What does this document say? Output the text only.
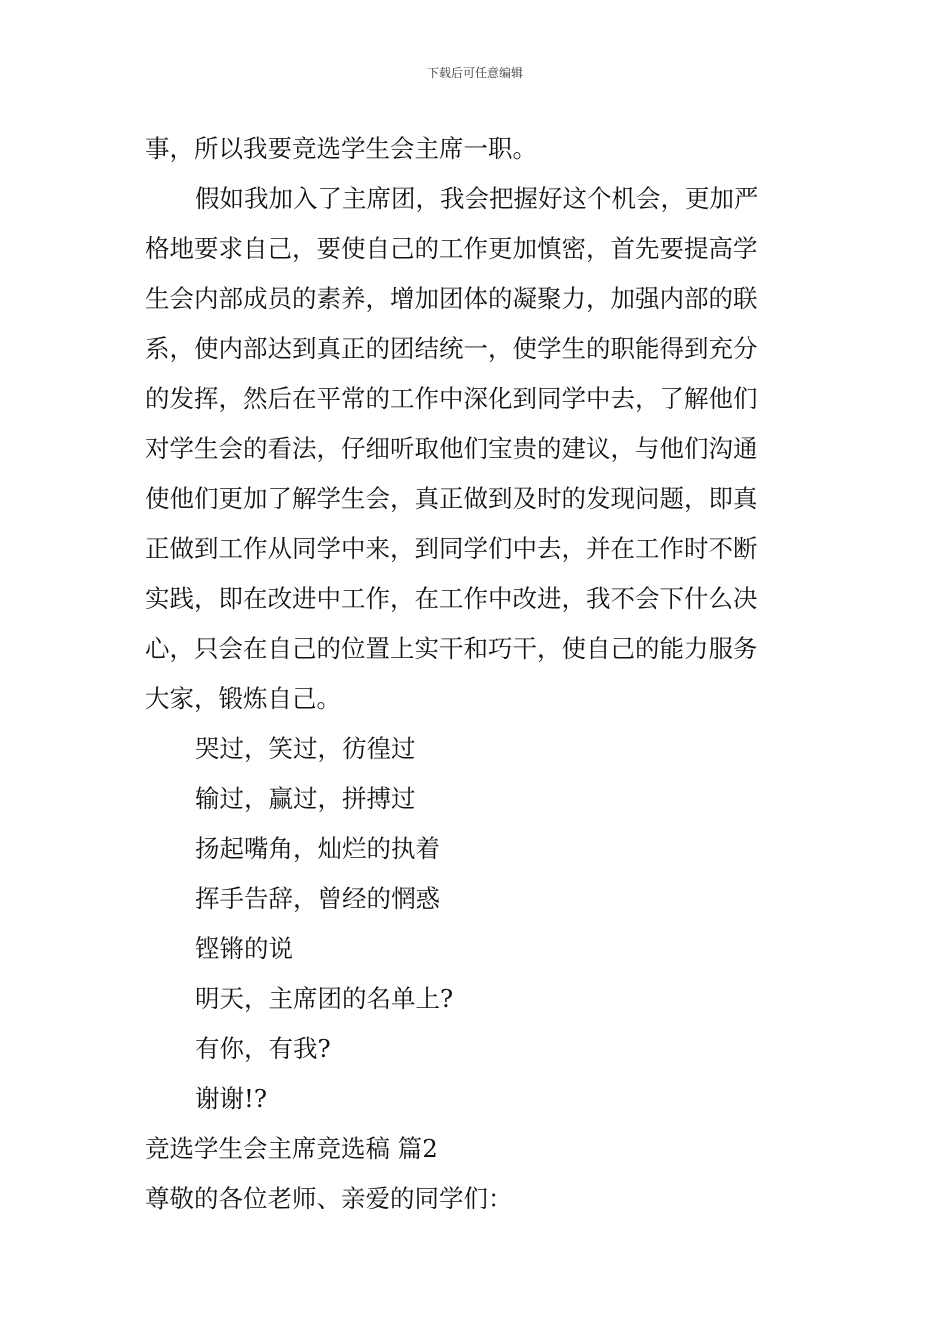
下载后可任意编辑
事，所以我要竞选学生会主席一职。
假如我加入了主席团，我会把握好这个机会，更加严
格地要求自己，要使自己的工作更加慎密，首先要提高学
生会内部成员的素养，增加团体的凝聚力，加强内部的联
系，使内部达到真正的团结统一，使学生的职能得到充分
的发挥，然后在平常的工作中深化到同学中去，了解他们
对学生会的看法，仔细听取他们宝贵的建议，与他们沟通
使他们更加了解学生会，真正做到及时的发现问题，即真
正做到工作从同学中来，到同学们中去，并在工作时不断
实践，即在改进中工作，在工作中改进，我不会下什么决
心，只会在自己的位置上实干和巧干，使自己的能力服务
大家，锻炼自己。
哭过，笑过，彷徨过
输过，赢过，拼搏过
扬起嘴角，灿烂的执着
挥手告辞，曾经的惘惑
铿锵的说
明天，主席团的名单上?
有你，有我?
谢谢!?
竞选学生会主席竞选稿 篇2
尊敬的各位老师、亲爱的同学们：
